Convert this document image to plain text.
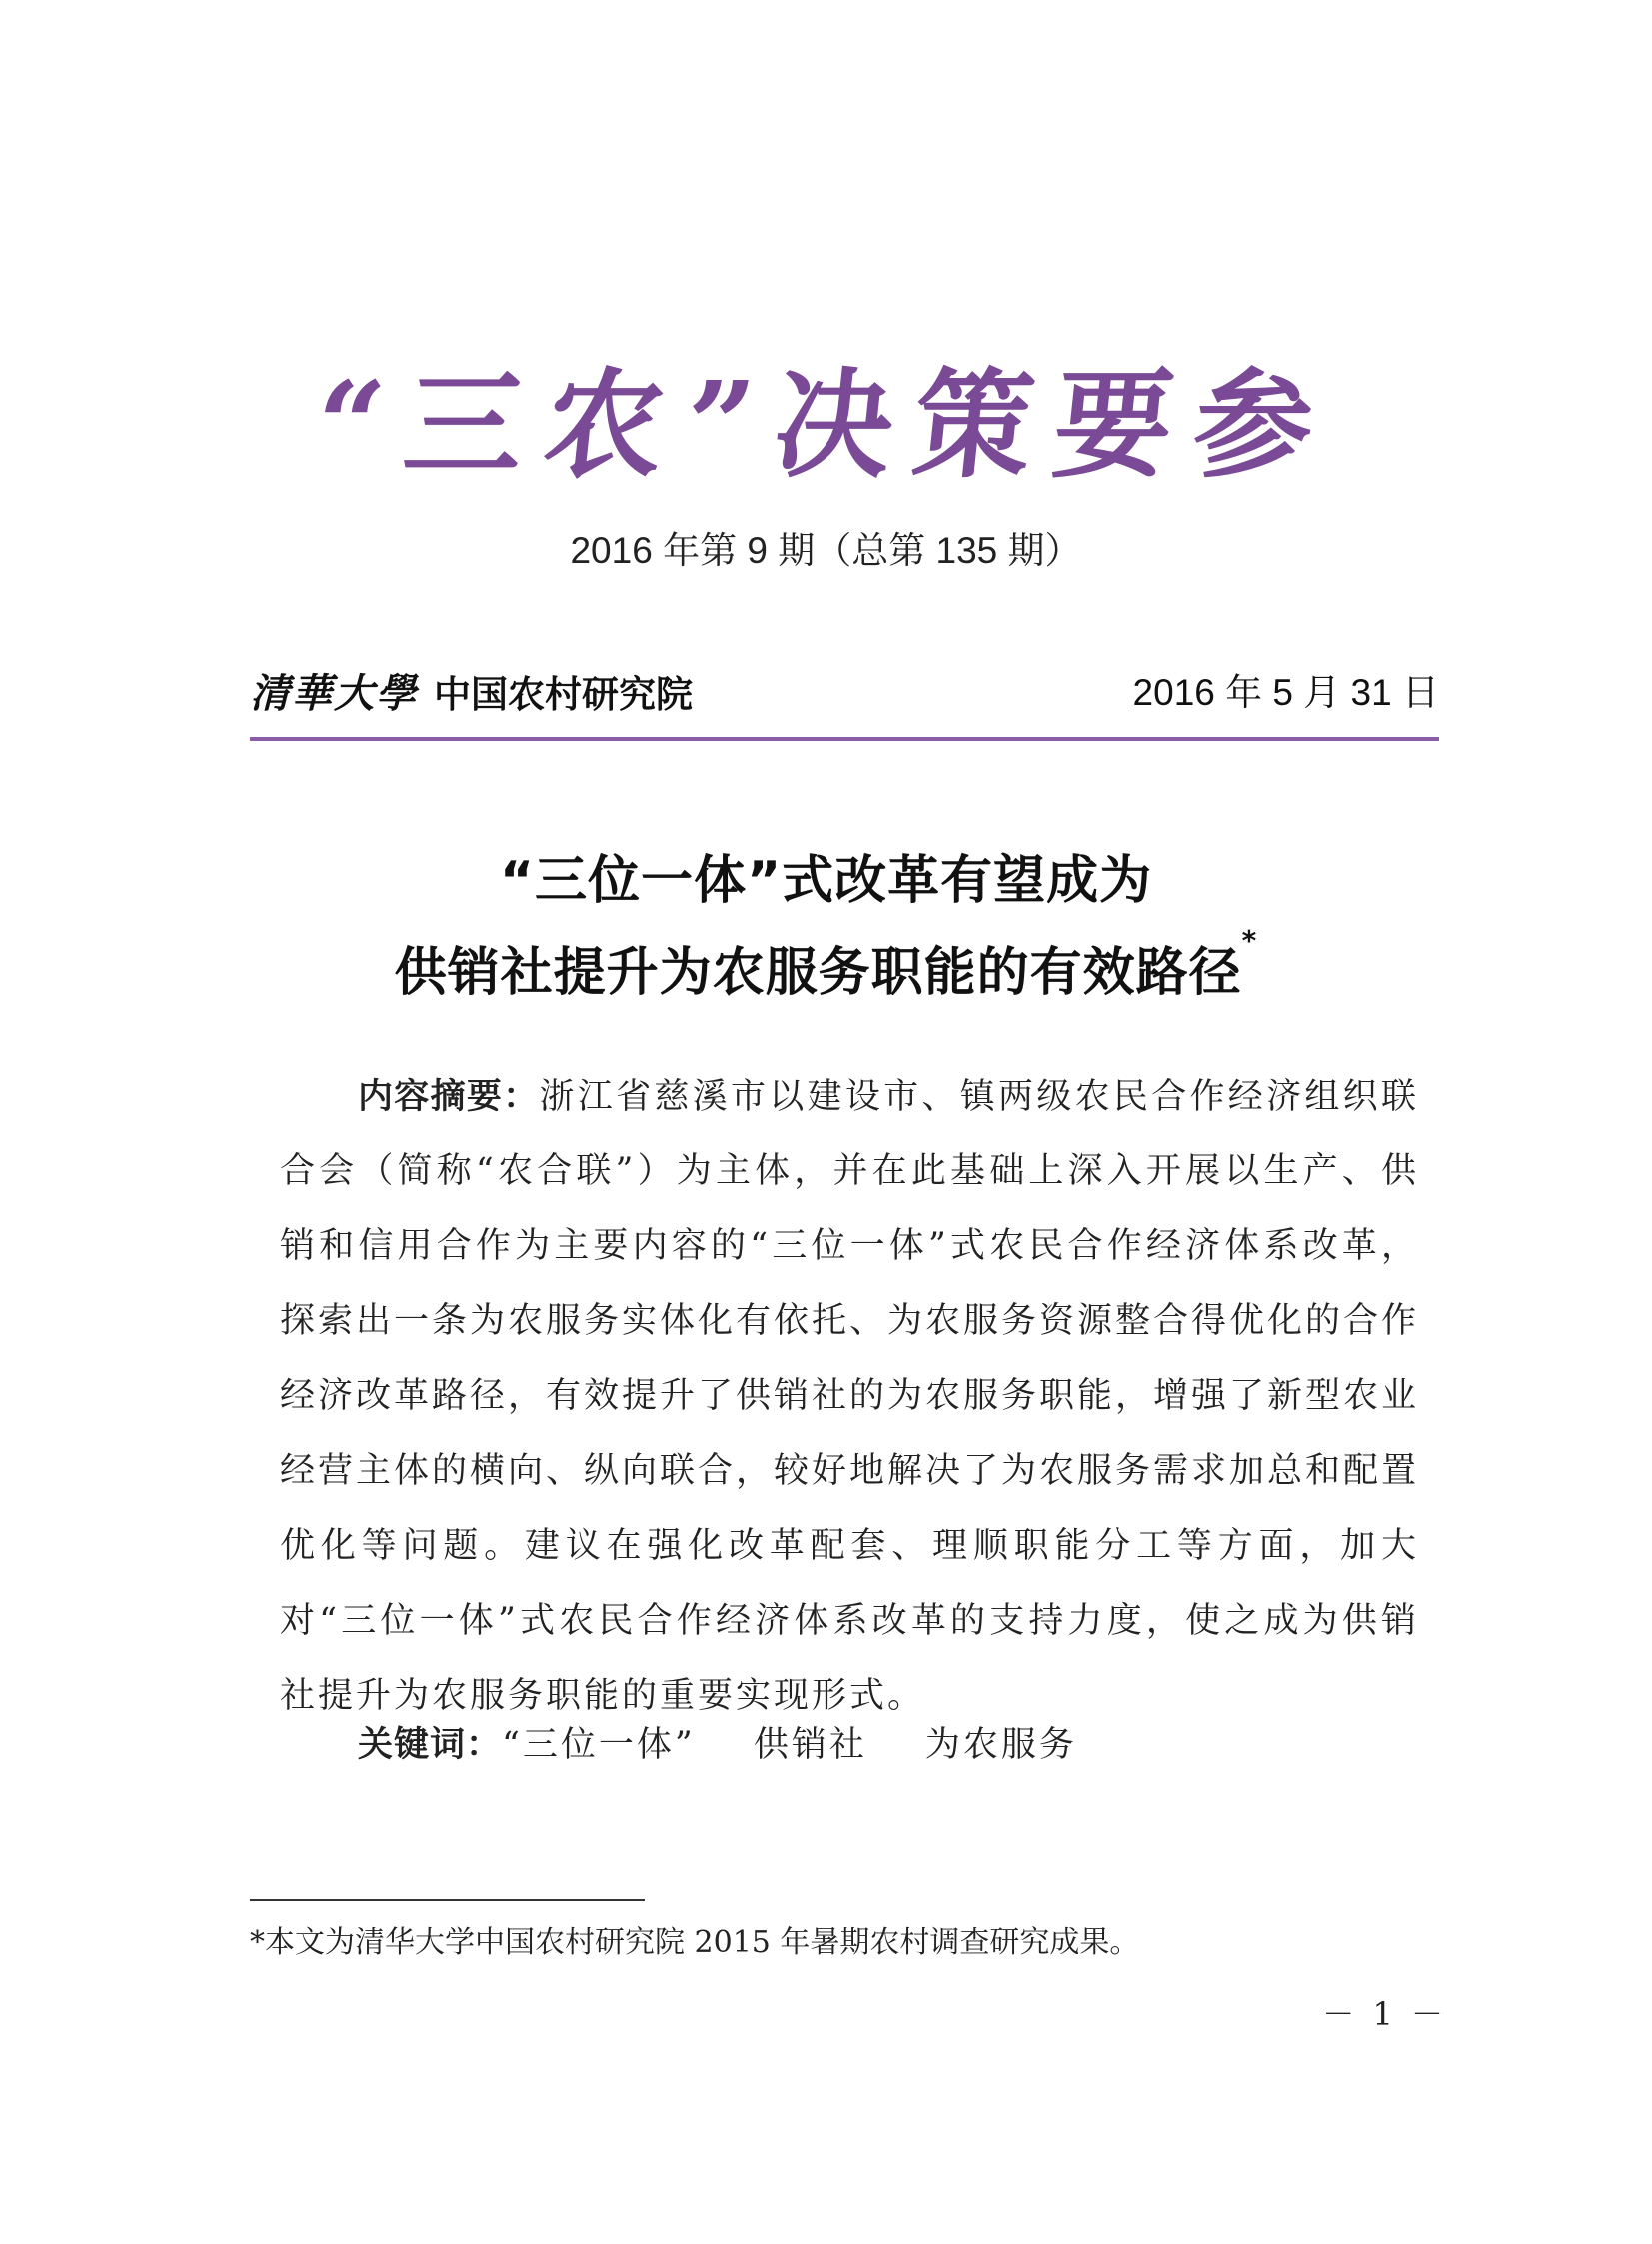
“三农”决策要参
2016 年第 9 期（总第 135 期）
清華大學 中国农村研究院	2016 年 5 月 31 日
“三位一体”式改革有望成为
供销社提升为农服务职能的有效路径*

内容摘要：浙江省慈溪市以建设市、镇两级农民合作经济组织联合会（简称“农合联”）为主体，并在此基础上深入开展以生产、供销和信用合作为主要内容的“三位一体”式农民合作经济体系改革，探索出一条为农服务实体化有依托、为农服务资源整合得优化的合作经济改革路径，有效提升了供销社的为农服务职能，增强了新型农业经营主体的横向、纵向联合，较好地解决了为农服务需求加总和配置优化等问题。建议在强化改革配套、理顺职能分工等方面，加大对“三位一体”式农民合作经济体系改革的支持力度，使之成为供销社提升为农服务职能的重要实现形式。

关键词：“三位一体” 供销社 为农服务
*本文为清华大学中国农村研究院 2015 年暑期农村调查研究成果。
－ 1 －
